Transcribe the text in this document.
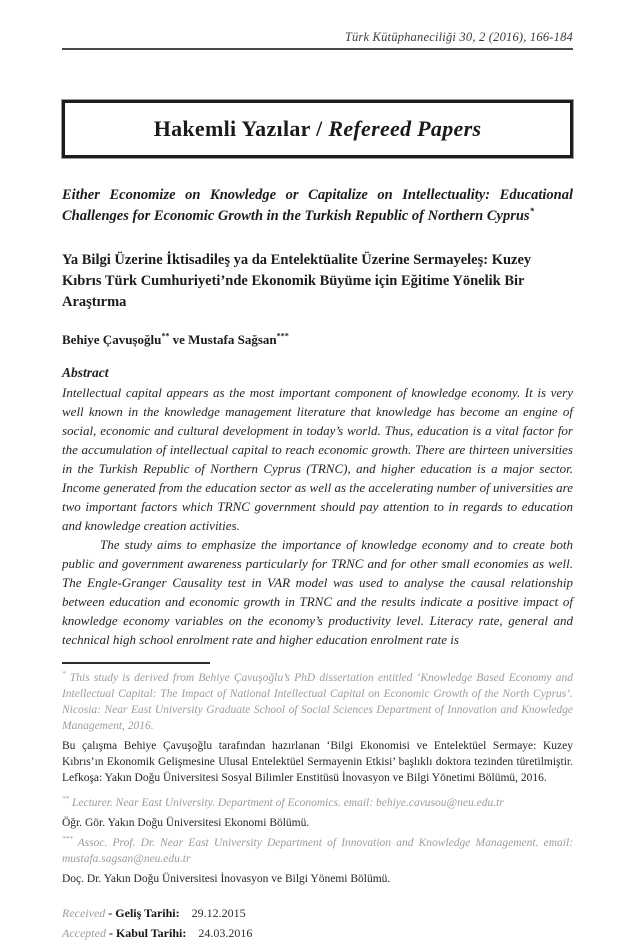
Türk Kütüphaneciliği 30, 2 (2016), 166-184
Hakemli Yazılar / Refereed Papers
Either Economize on Knowledge or Capitalize on Intellectuality: Educational Challenges for Economic Growth in the Turkish Republic of Northern Cyprus*
Ya Bilgi Üzerine İktisadileş ya da Entelektüalite Üzerine Sermayeleş: Kuzey Kıbrıs Türk Cumhuriyeti’nde Ekonomik Büyüme için Eğitime Yönelik Bir Araştırma
Behiye Çavuşoğlu** ve Mustafa Sağsan***
Abstract

Intellectual capital appears as the most important component of knowledge economy. It is very well known in the knowledge management literature that knowledge has become an engine of social, economic and cultural development in today’s world. Thus, education is a vital factor for the accumulation of intellectual capital to reach economic growth. There are thirteen universities in the Turkish Republic of Northern Cyprus (TRNC), and higher education is a major sector. Income generated from the education sector as well as the accelerating number of universities are two important factors which TRNC government should pay attention to in regards to education and knowledge creation activities.

The study aims to emphasize the importance of knowledge economy and to create both public and government awareness particularly for TRNC and for other small economies as well. The Engle-Granger Causality test in VAR model was used to analyse the causal relationship between education and economic growth in TRNC and the results indicate a positive impact of knowledge economy variables on the economy’s productivity level. Literacy rate, general and technical high school enrolment rate and higher education enrolment rate is

* This study is derived from Behiye Çavuşoğlu’s PhD dissertation entitled ‘Knowledge Based Economy and Intellectual Capital: The Impact of National Intellectual Capital on Economic Growth of the North Cyprus’. Nicosia: Near East University Graduate School of Social Sciences Department of Innovation and Knowledge Management, 2016.

Bu çalışma Behiye Çavuşoğlu tarafından hazırlanan ‘Bilgi Ekonomisi ve Entelektüel Sermaye: Kuzey Kıbrıs’ın Ekonomik Gelişmesine Ulusal Entelektüel Sermayenin Etkisi’ başlıklı doktora tezinden türetilmiştir. Lefkoşa: Yakın Doğu Üniversitesi Sosyal Bilimler Enstitüsü İnovasyon ve Bilgi Yönetimi Bölümü, 2016.

** Lecturer. Near East University. Department of Economics. email: behiye.cavusou@neu.edu.tr

Öğr. Gör. Yakın Doğu Üniversitesi Ekonomi Bölümü.

*** Assoc. Prof. Dr. Near East University Department of Innovation and Knowledge Management. email: mustafa.sagsan@neu.edu.tr

Doç. Dr. Yakın Doğu Üniversitesi İnovasyon ve Bilgi Yönemi Bölümü.

Received - Geliş Tarihi: 29.12.2015
Accepted - Kabul Tarihi: 24.03.2016
